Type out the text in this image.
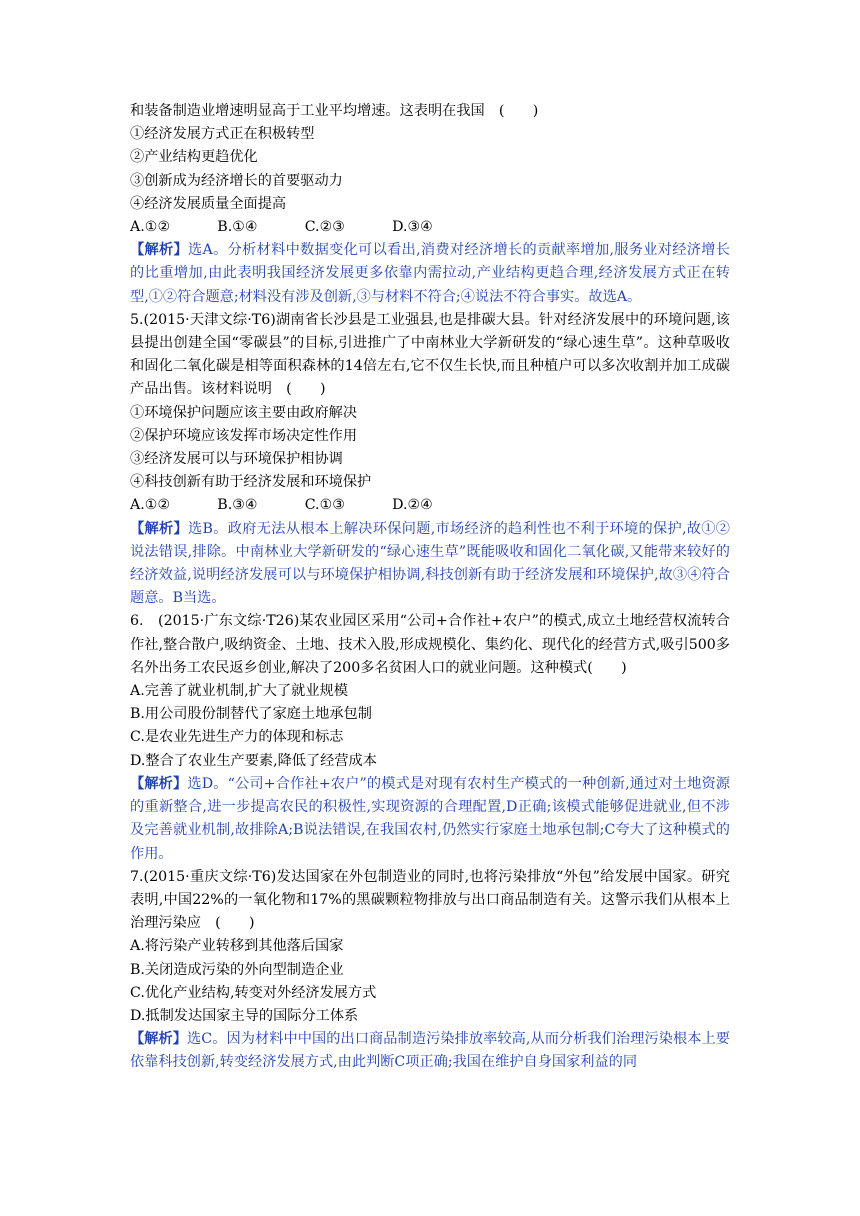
和装备制造业增速明显高于工业平均增速。这表明在我国　(　　)
①经济发展方式正在积极转型
②产业结构更趋优化
③创新成为经济增长的首要驱动力
④经济发展质量全面提高
A.①②　　　 B.①④　　　 C.②③　　　 D.③④
【解析】选A。分析材料中数据变化可以看出,消费对经济增长的贡献率增加,服务业对经济增长的比重增加,由此表明我国经济发展更多依靠内需拉动,产业结构更趋合理,经济发展方式正在转型,①②符合题意;材料没有涉及创新,③与材料不符合;④说法不符合事实。故选A。
5.(2015·天津文综·T6)湖南省长沙县是工业强县,也是排碳大县。针对经济发展中的环境问题,该县提出创建全国“零碳县”的目标,引进推广了中南林业大学新研发的“绿心速生草”。这种草吸收和固化二氧化碳是相等面积森林的14倍左右,它不仅生长快,而且种植户可以多次收割并加工成碳产品出售。该材料说明　(　　)
①环境保护问题应该主要由政府解决
②保护环境应该发挥市场决定性作用
③经济发展可以与环境保护相协调
④科技创新有助于经济发展和环境保护
A.①②　　　 B.③④　　　 C.①③　　　 D.②④
【解析】选B。政府无法从根本上解决环保问题,市场经济的趋利性也不利于环境的保护,故①②说法错误,排除。中南林业大学新研发的“绿心速生草”既能吸收和固化二氧化碳,又能带来较好的经济效益,说明经济发展可以与环境保护相协调,科技创新有助于经济发展和环境保护,故③④符合题意。B当选。
6.　(2015·广东文综·T26)某农业园区采用“公司+合作社+农户”的模式,成立土地经营权流转合作社,整合散户,吸纳资金、土地、技术入股,形成规模化、集约化、现代化的经营方式,吸引500多名外出务工农民返乡创业,解决了200多名贫困人口的就业问题。这种模式(　　)
A.完善了就业机制,扩大了就业规模
B.用公司股份制替代了家庭土地承包制
C.是农业先进生产力的体现和标志
D.整合了农业生产要素,降低了经营成本
【解析】选D。“公司+合作社+农户”的模式是对现有农村生产模式的一种创新,通过对土地资源的重新整合,进一步提高农民的积极性,实现资源的合理配置,D正确;该模式能够促进就业,但不涉及完善就业机制,故排除A;B说法错误,在我国农村,仍然实行家庭土地承包制;C夸大了这种模式的作用。
7.(2015·重庆文综·T6)发达国家在外包制造业的同时,也将污染排放“外包”给发展中国家。研究表明,中国22%的一氧化物和17%的黑碳颗粒物排放与出口商品制造有关。这警示我们从根本上治理污染应　(　　)
A.将污染产业转移到其他落后国家
B.关闭造成污染的外向型制造企业
C.优化产业结构,转变对外经济发展方式
D.抵制发达国家主导的国际分工体系
【解析】选C。因为材料中中国的出口商品制造污染排放率较高,从而分析我们治理污染根本上要依靠科技创新,转变经济发展方式,由此判断C项正确;我国在维护自身国家利益的同
